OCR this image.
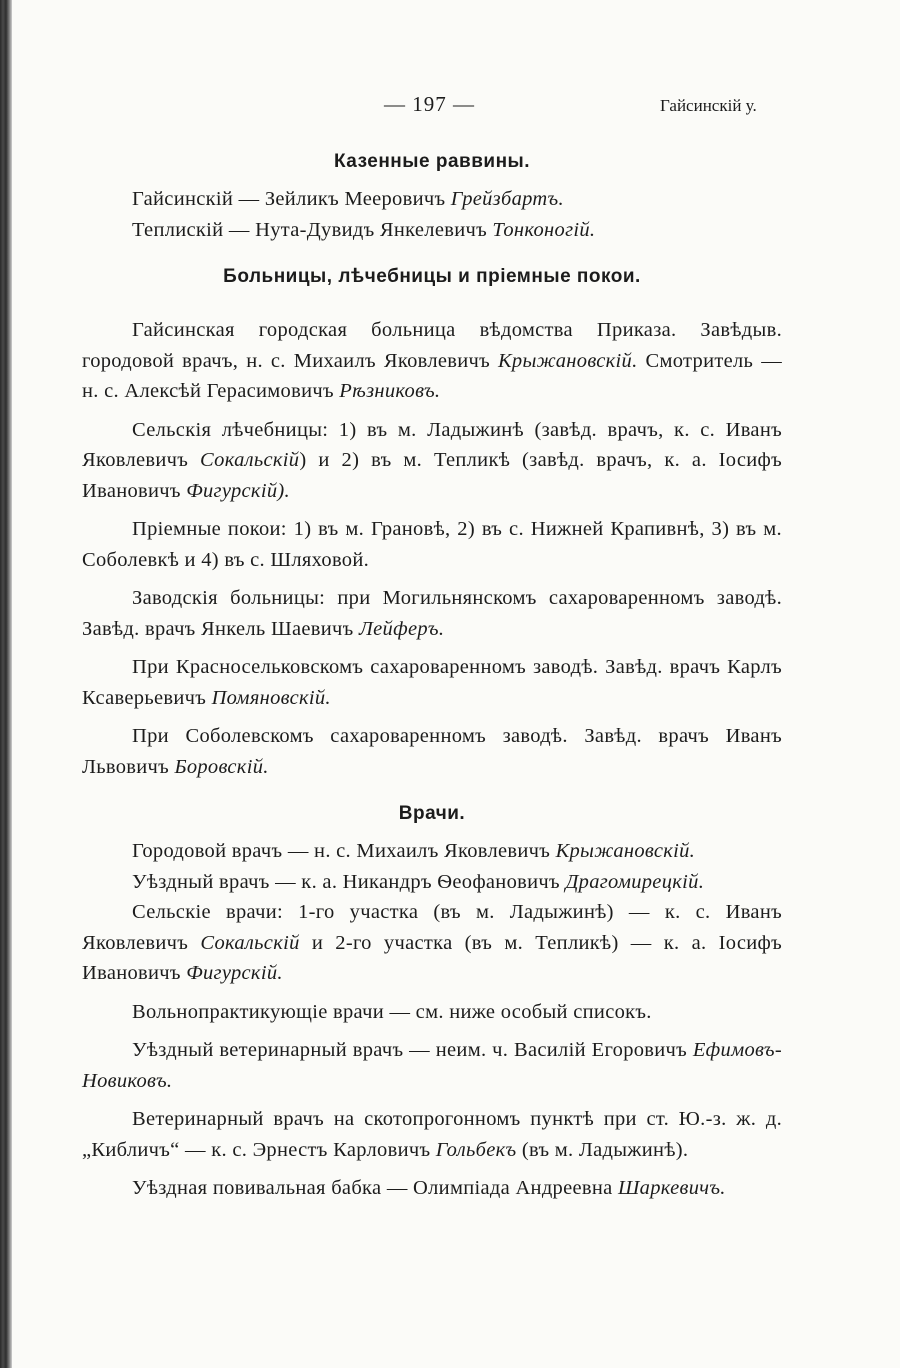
— 197 —	Гайсинскій у.
Казенные раввины.

Гайсинскій — Зейликъ Мееровичъ Грейзбартъ.

Теплискій — Нута-Дувидъ Янкелевичъ Тонконогій.

Больницы, лѣчебницы и пріемные покои.

Гайсинская городская больница вѣдомства Приказа. Завѣдыв. городовой врачъ, н. с. Михаилъ Яковлевичъ Крыжановскій. Смотритель — н. с. Алексѣй Герасимовичъ Рѣзниковъ.

Сельскія лѣчебницы: 1) въ м. Ладыжинѣ (завѣд. врачъ, к. с. Иванъ Яковлевичъ Сокальскій) и 2) въ м. Тепликѣ (завѣд. врачъ, к. а. Іосифъ Ивановичъ Фигурскій).

Пріемные покои: 1) въ м. Грановѣ, 2) въ с. Нижней Крапивнѣ, 3) въ м. Соболевкѣ и 4) въ с. Шляховой.

Заводскія больницы: при Могильнянскомъ сахароваренномъ заводѣ. Завѣд. врачъ Янкель Шаевичъ Лейферъ.

При Красносельковскомъ сахароваренномъ заводѣ. Завѣд. врачъ Карлъ Ксаверьевичъ Помяновскій.

При Соболевскомъ сахароваренномъ заводѣ. Завѣд. врачъ Иванъ Львовичъ Боровскій.

Врачи.

Городовой врачъ — н. с. Михаилъ Яковлевичъ Крыжановскій.

Уѣздный врачъ — к. а. Никандръ Ѳеофановичъ Драгомирецкій.

Сельскіе врачи: 1-го участка (въ м. Ладыжинѣ) — к. с. Иванъ Яковлевичъ Сокальскій и 2-го участка (въ м. Тепликѣ) — к. а. Іосифъ Ивановичъ Фигурскій.

Вольнопрактикующіе врачи — см. ниже особый списокъ.

Уѣздный ветеринарный врачъ — неим. ч. Василій Егоровичъ Ефимовъ-Новиковъ.

Ветеринарный врачъ на скотопрогонномъ пунктѣ при ст. Ю.-з. ж. д. „Кибличъ“ — к. с. Эрнестъ Карловичъ Гольбекъ (въ м. Ладыжинѣ).

Уѣздная повивальная бабка — Олимпіада Андреевна Шаркевичъ.
